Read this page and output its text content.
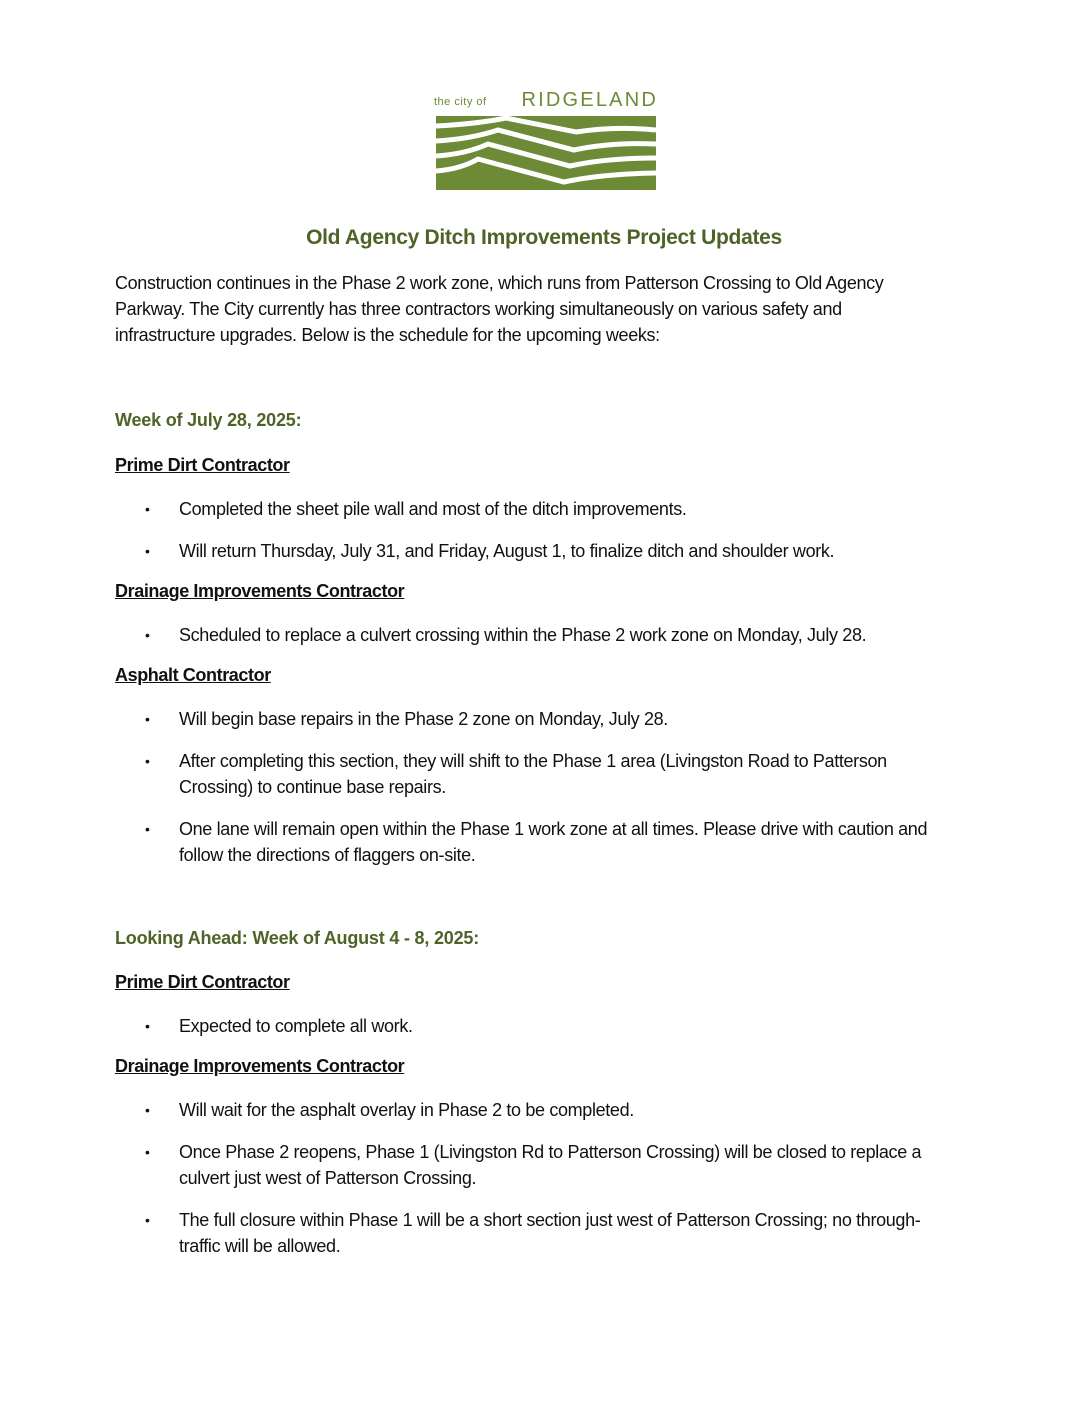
the city of RIDGELAND
Old Agency Ditch Improvements Project Updates
Construction continues in the Phase 2 work zone, which runs from Patterson Crossing to Old Agency Parkway. The City currently has three contractors working simultaneously on various safety and infrastructure upgrades. Below is the schedule for the upcoming weeks:
Week of July 28, 2025:
Prime Dirt Contractor
•	Completed the sheet pile wall and most of the ditch improvements.
•	Will return Thursday, July 31, and Friday, August 1, to finalize ditch and shoulder work.
Drainage Improvements Contractor
•	Scheduled to replace a culvert crossing within the Phase 2 work zone on Monday, July 28.
Asphalt Contractor
•	Will begin base repairs in the Phase 2 zone on Monday, July 28.
•	After completing this section, they will shift to the Phase 1 area (Livingston Road to Patterson Crossing) to continue base repairs.
•	One lane will remain open within the Phase 1 work zone at all times. Please drive with caution and follow the directions of flaggers on-site.
Looking Ahead: Week of August 4 - 8, 2025:
Prime Dirt Contractor
•	Expected to complete all work.
Drainage Improvements Contractor
•	Will wait for the asphalt overlay in Phase 2 to be completed.
•	Once Phase 2 reopens, Phase 1 (Livingston Rd to Patterson Crossing) will be closed to replace a culvert just west of Patterson Crossing.
•	The full closure within Phase 1 will be a short section just west of Patterson Crossing; no through-traffic will be allowed.
